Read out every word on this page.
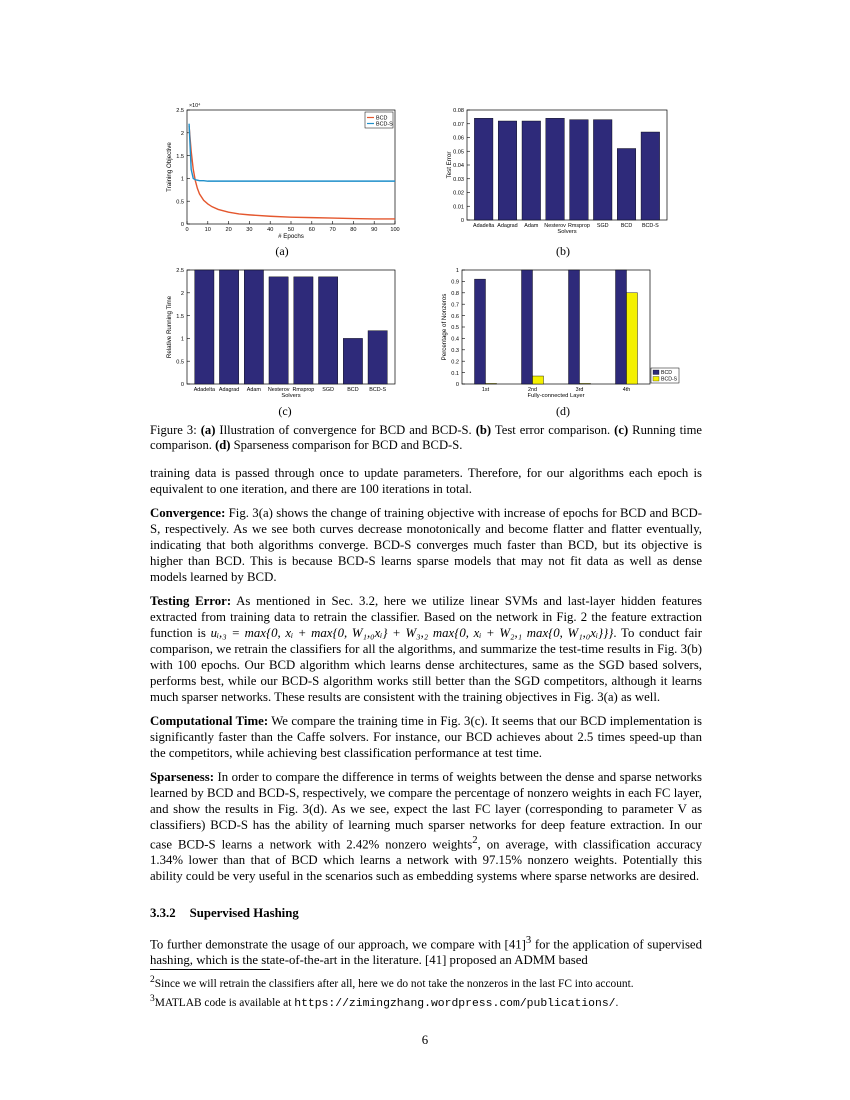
0
0.5
1
1.5
2
2.5
Training Objective
×10⁴
0	10	20	30	40	50	60	70	80	90 100
# Epochs
BCD
BCD-S
(a)
0
0.01
0.02
0.03
0.04
0.05
0.06
0.07
0.08
Test Error
Adadelta Adagrad Adam Nesterov Rmsprop SGD BCD BCD-S
Solvers
(b)
0
0.5
1
1.5
2
2.5
Relative Running Time
Adadelta Adagrad Adam Nesterov Rmsprop SGD BCD BCD-S
Solvers
(c)
0
0.1
0.2
0.3
0.4
0.5
0.6
0.7
0.8
0.9
1
Percentage of Nonzeros
1st	2nd	3rd	4th
Fully-connected Layer
BCD
BCD-S
(d)
Figure 3: (a) Illustration of convergence for BCD and BCD-S. (b) Test error comparison. (c) Running time comparison. (d) Sparseness comparison for BCD and BCD-S.

training data is passed through once to update parameters. Therefore, for our algorithms each epoch is equivalent to one iteration, and there are 100 iterations in total.

Convergence: Fig. 3(a) shows the change of training objective with increase of epochs for BCD and BCD-S, respectively. As we see both curves decrease monotonically and become flatter and flatter eventually, indicating that both algorithms converge. BCD-S converges much faster than BCD, but its objective is higher than BCD. This is because BCD-S learns sparse models that may not fit data as well as dense models learned by BCD.

Testing Error: As mentioned in Sec. 3.2, here we utilize linear SVMs and last-layer hidden features extracted from training data to retrain the classifier. Based on the network in Fig. 2 the feature extraction function is uᵢ,₃ = max{0, xᵢ + max{0, W₁,₀xᵢ} + W₃,₂ max{0, xᵢ + W₂,₁ max{0, W₁,₀xᵢ}}}. To conduct fair comparison, we retrain the classifiers for all the algorithms, and summarize the test-time results in Fig. 3(b) with 100 epochs. Our BCD algorithm which learns dense architectures, same as the SGD based solvers, performs best, while our BCD-S algorithm works still better than the SGD competitors, although it learns much sparser networks. These results are consistent with the training objectives in Fig. 3(a) as well.

Computational Time: We compare the training time in Fig. 3(c). It seems that our BCD implementation is significantly faster than the Caffe solvers. For instance, our BCD achieves about 2.5 times speed-up than the competitors, while achieving best classification performance at test time.

Sparseness: In order to compare the difference in terms of weights between the dense and sparse networks learned by BCD and BCD-S, respectively, we compare the percentage of nonzero weights in each FC layer, and show the results in Fig. 3(d). As we see, expect the last FC layer (corresponding to parameter V as classifiers) BCD-S has the ability of learning much sparser networks for deep feature extraction. In our case BCD-S learns a network with 2.42% nonzero weights$^2$, on average, with classification accuracy 1.34% lower than that of BCD which learns a network with 97.15% nonzero weights. Potentially this ability could be very useful in the scenarios such as embedding systems where sparse networks are desired.

3.3.2 Supervised Hashing

To further demonstrate the usage of our approach, we compare with $[41]^3$ for the application of supervised hashing, which is the state-of-the-art in the literature. [41] proposed an ADMM based

$^2$Since we will retrain the classifiers after all, here we do not take the nonzeros in the last FC into account.
$^3$MATLAB code is available at https://zimingzhang.wordpress.com/publications/.
6
